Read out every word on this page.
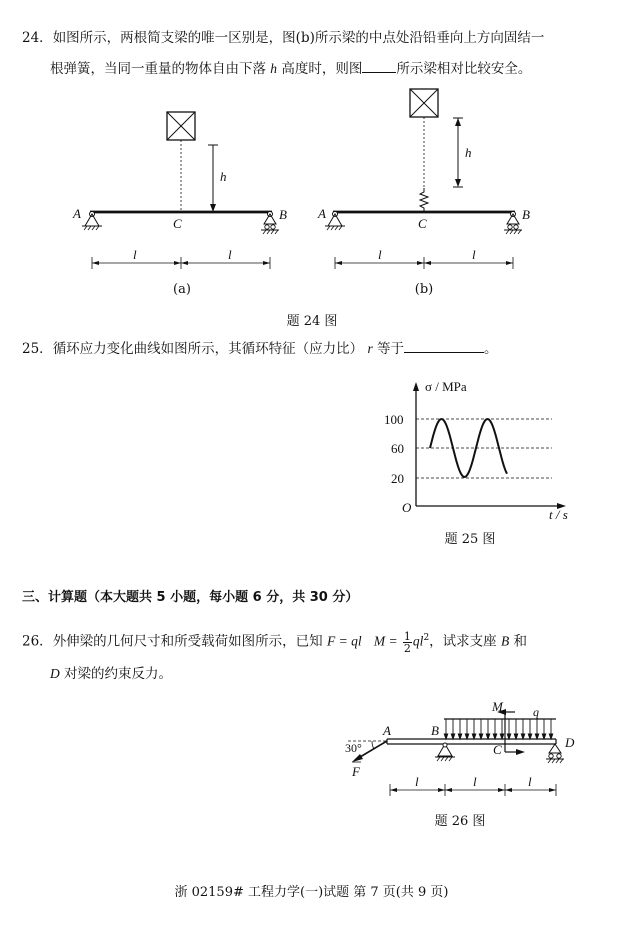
24．如图所示，两根简支梁的唯一区别是，图(b)所示梁的中点处沿铅垂向上方向固结一
根弹簧，当同一重量的物体自由下落 h 高度时，则图	所示梁相对比较安全。
h
A	B
C
l	l
h
A	B
C
l	l
(a)	(b)
题 24 图
25．循环应力变化曲线如图所示，其循环特征（应力比） r 等于	。
σ / MPa
100
60
20
O	t / s
题 25 图
三、计算题（本大题共 5 小题，每小题 6 分，共 30 分）
26．外伸梁的几何尺寸和所受载荷如图所示，已知 F = ql $M = \frac{1}{2} ql^2$，试求支座 B 和
D 对梁的约束反力。
q
M
30°
F
A	B
C	D
l	l	l
题 26 图
浙 02159# 工程力学(一)试题 第 7 页(共 9 页)
